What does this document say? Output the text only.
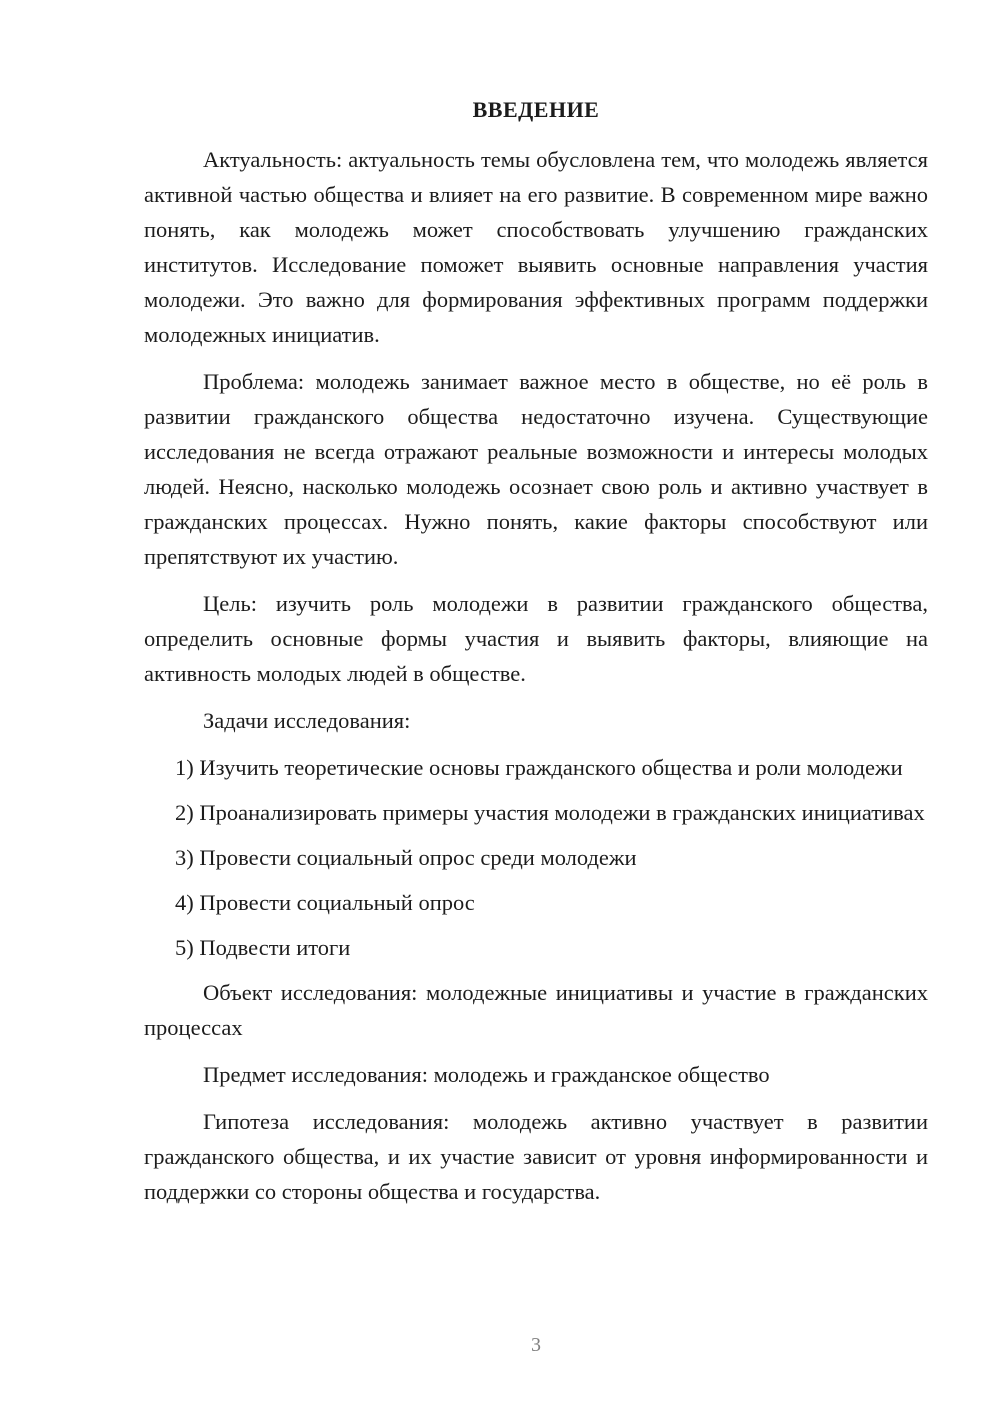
ВВЕДЕНИЕ

Актуальность: актуальность темы обусловлена тем, что молодежь является активной частью общества и влияет на его развитие. В современном мире важно понять, как молодежь может способствовать улучшению гражданских институтов. Исследование поможет выявить основные направления участия молодежи. Это важно для формирования эффективных программ поддержки молодежных инициатив.

Проблема: молодежь занимает важное место в обществе, но её роль в развитии гражданского общества недостаточно изучена. Существующие исследования не всегда отражают реальные возможности и интересы молодых людей. Неясно, насколько молодежь осознает свою роль и активно участвует в гражданских процессах. Нужно понять, какие факторы способствуют или препятствуют их участию.

Цель: изучить роль молодежи в развитии гражданского общества, определить основные формы участия и выявить факторы, влияющие на активность молодых людей в обществе.

Задачи исследования:

1) Изучить теоретические основы гражданского общества и роли молодежи

2) Проанализировать примеры участия молодежи в гражданских инициативах

3) Провести социальный опрос среди молодежи

4) Провести социальный опрос

5) Подвести итоги

Объект исследования: молодежные инициативы и участие в гражданских процессах

Предмет исследования: молодежь и гражданское общество

Гипотеза исследования: молодежь активно участвует в развитии гражданского общества, и их участие зависит от уровня информированности и поддержки со стороны общества и государства.

3
